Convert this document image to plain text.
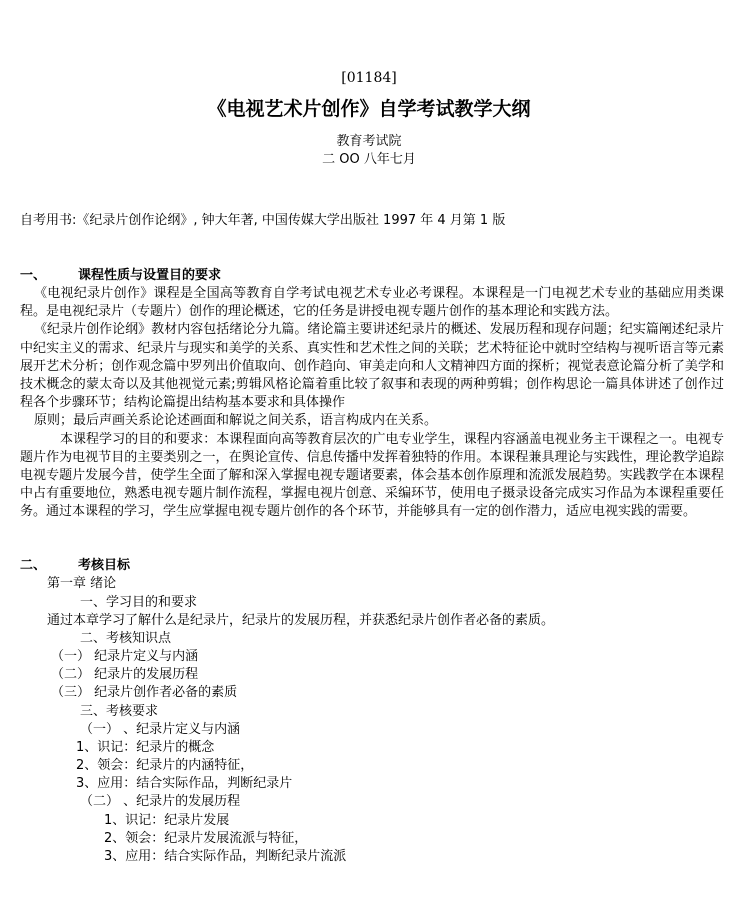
[01184]
《电视艺术片创作》自学考试教学大纲
教育考试院
二 OO 八年七月
自考用书:《纪录片创作论纲》, 钟大年著, 中国传媒大学出版社 1997 年 4 月第 1 版
一、 课程性质与设置目的要求

《电视纪录片创作》课程是全国高等教育自学考试电视艺术专业必考课程。本课程是一门电视艺术专业的基础应用类课程。是电视纪录片（专题片）创作的理论概述，它的任务是讲授电视专题片创作的基本理论和实践方法。

《纪录片创作论纲》教材内容包括绪论分九篇。绪论篇主要讲述纪录片的概述、发展历程和现存问题；纪实篇阐述纪录片中纪实主义的需求、纪录片与现实和美学的关系、真实性和艺术性之间的关联；艺术特征论中就时空结构与视听语言等元素展开艺术分析；创作观念篇中罗列出价值取向、创作趋向、审美走向和人文精神四方面的探析；视觉表意论篇分析了美学和技术概念的蒙太奇以及其他视觉元素;剪辑风格论篇着重比较了叙事和表现的两种剪辑；创作构思论一篇具体讲述了创作过程各个步骤环节；结构论篇提出结构基本要求和具体操作

原则；最后声画关系论论述画面和解说之间关系，语言构成内在关系。

本课程学习的目的和要求：本课程面向高等教育层次的广电专业学生，课程内容涵盖电视业务主干课程之一。电视专题片作为电视节目的主要类别之一，在舆论宣传、信息传播中发挥着独特的作用。本课程兼具理论与实践性，理论教学追踪电视专题片发展今昔，使学生全面了解和深入掌握电视专题诸要素，体会基本创作原理和流派发展趋势。实践教学在本课程中占有重要地位，熟悉电视专题片制作流程，掌握电视片创意、采编环节，使用电子摄录设备完成实习作品为本课程重要任务。通过本课程的学习，学生应掌握电视专题片创作的各个环节，并能够具有一定的创作潜力，适应电视实践的需要。

二、 考核目标
第一章 绪论
一、学习目的和要求
通过本章学习了解什么是纪录片，纪录片的发展历程，并获悉纪录片创作者必备的素质。
二、考核知识点
（一） 纪录片定义与内涵
（二） 纪录片的发展历程
（三） 纪录片创作者必备的素质
三、考核要求
（一） 、纪录片定义与内涵
1、识记：纪录片的概念
2、领会：纪录片的内涵特征，
3、应用：结合实际作品，判断纪录片
（二） 、纪录片的发展历程
1、识记：纪录片发展
2、领会：纪录片发展流派与特征，
3、应用：结合实际作品，判断纪录片流派
